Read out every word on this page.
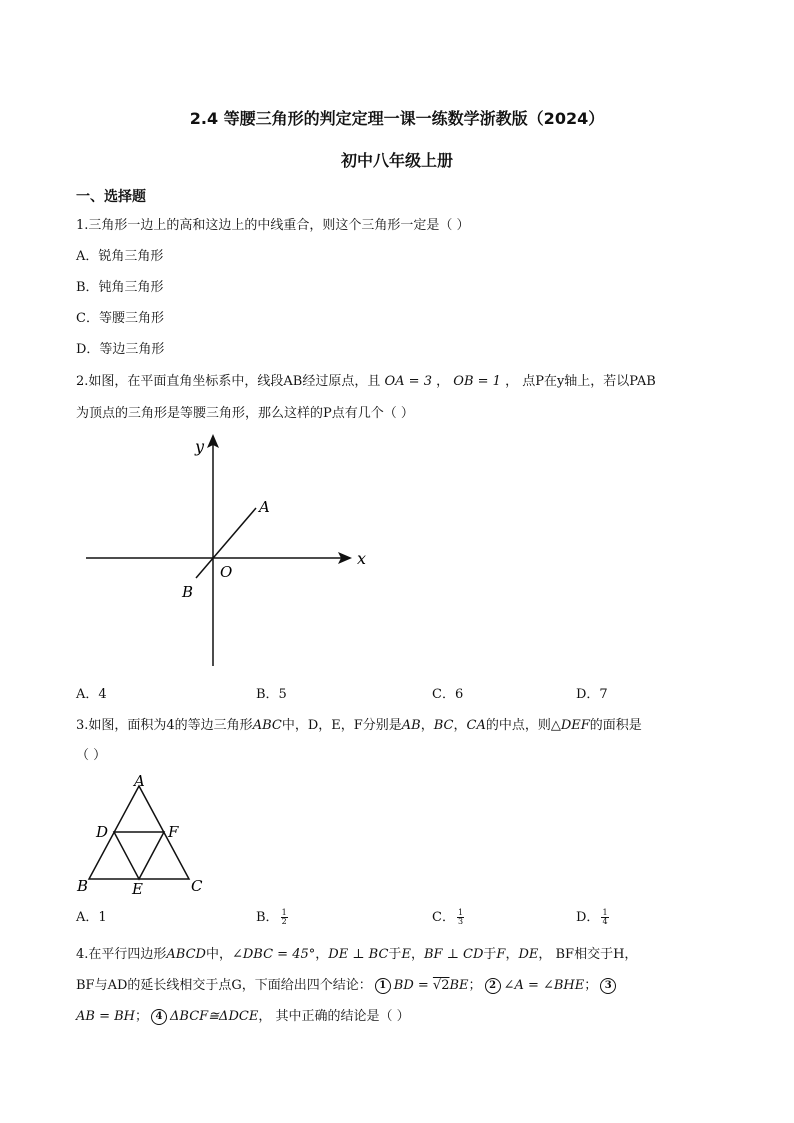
2.4 等腰三角形的判定定理一课一练数学浙教版（2024）
初中八年级上册
一、选择题
1.三角形一边上的高和这边上的中线重合，则这个三角形一定是（ ）
A．锐角三角形
B．钝角三角形
C．等腰三角形
D．等边三角形
2.如图，在平面直角坐标系中，线段AB经过原点，且 OA = 3 ， OB = 1 ， 点P在y轴上，若以PAB
为顶点的三角形是等腰三角形，那么这样的P点有几个（ ）
y
x
A
O
B
A．4	B．5	C．6	D．7
3.如图，面积为4的等边三角形ABC中，D，E，F分别是AB，BC，CA的中点，则△DEF的面积是
（ ）
A
B	C
D
E
F
A．1	B． $\frac{1}{2}$	C． $\frac{1}{3}$	D． $\frac{1}{4}$
4.在平行四边形ABCD中，∠DBC = 45°，DE ⊥ BC于E，BF ⊥ CD于F，DE， BF相交于H，
BF与AD的延长线相交于点G，下面给出四个结论： 1 BD = √2BE； 2 ∠A = ∠BHE； 3
AB = BH； 4 ΔBCF≅ΔDCE， 其中正确的结论是（ ）
